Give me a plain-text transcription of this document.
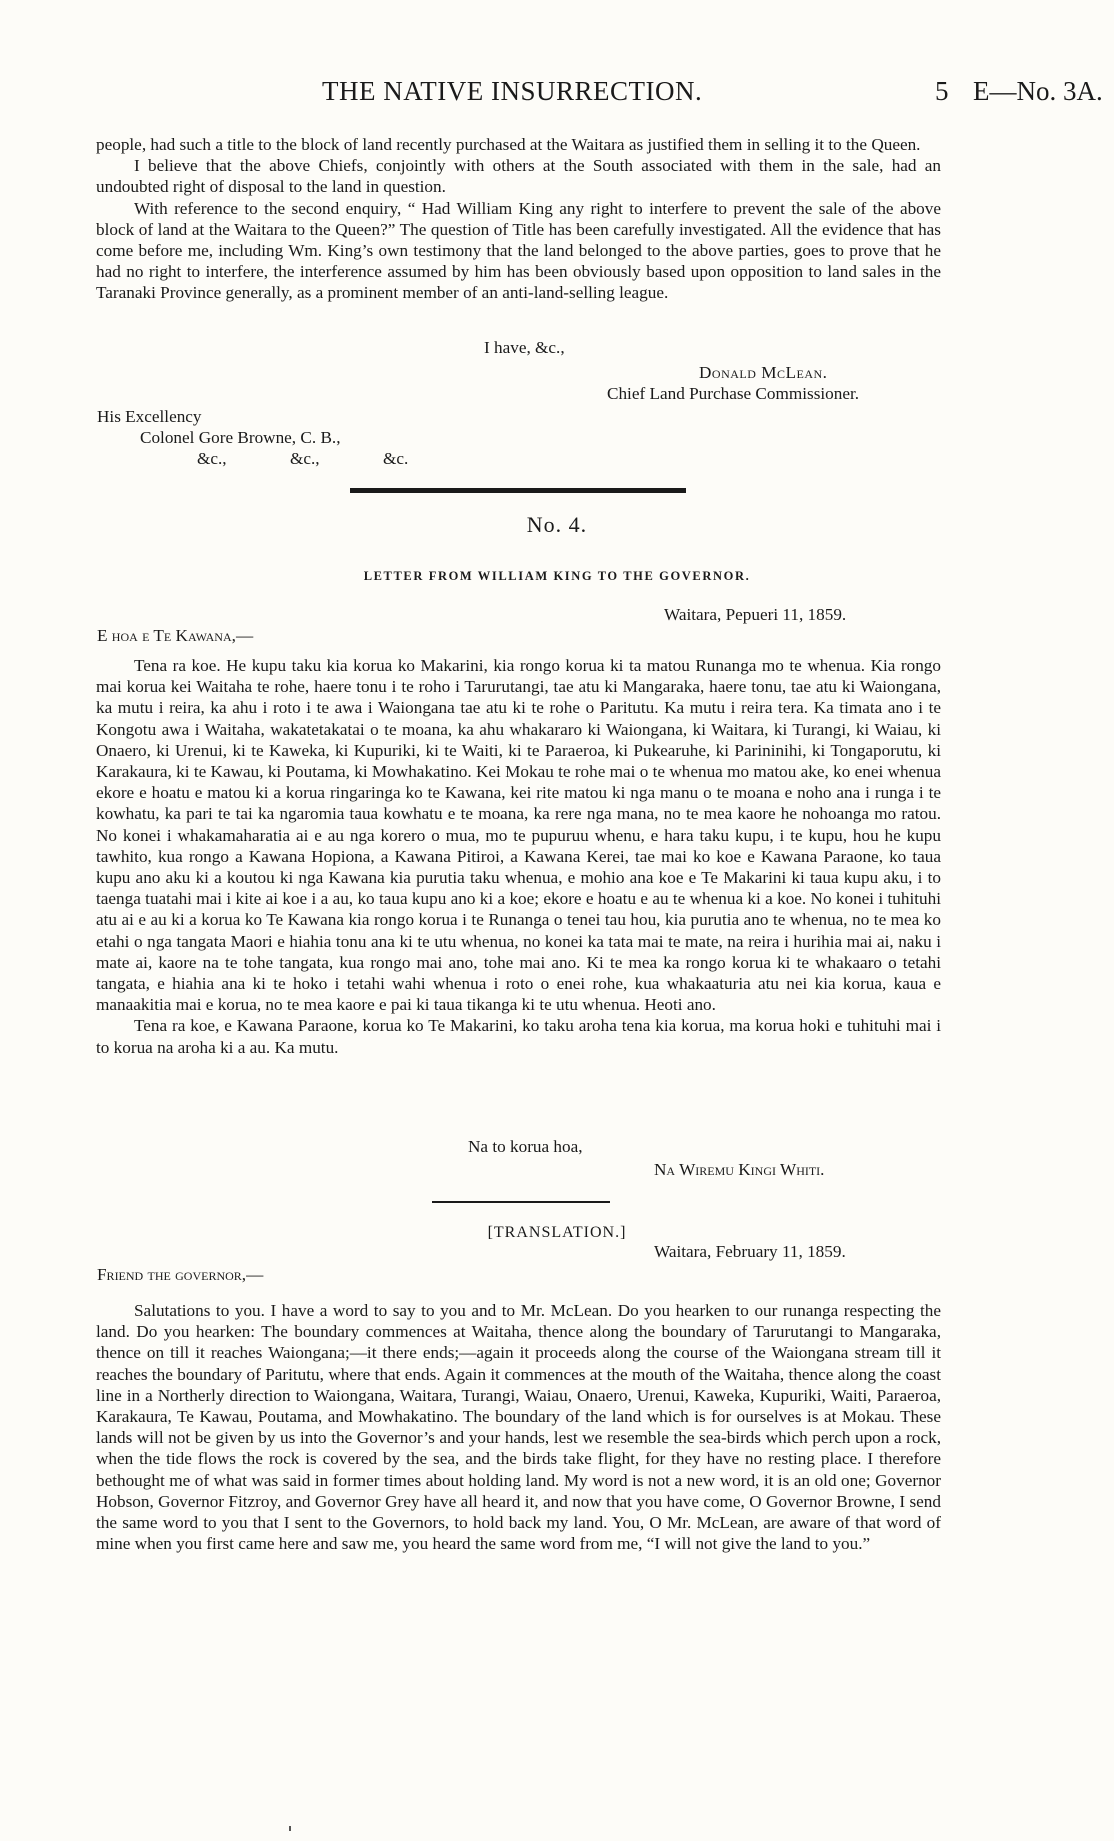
THE NATIVE INSURRECTION.	5 E—No. 3A.

people, had such a title to the block of land recently purchased at the Waitara as justified them in selling it to the Queen.

I believe that the above Chiefs, conjointly with others at the South associated with them in the sale, had an undoubted right of disposal to the land in question.

With reference to the second enquiry, “ Had William King any right to interfere to prevent the sale of the above block of land at the Waitara to the Queen?” The question of Title has been carefully investigated. All the evidence that has come before me, including Wm. King’s own testimony that the land belonged to the above parties, goes to prove that he had no right to interfere, the interference assumed by him has been obviously based upon opposition to land sales in the Taranaki Province generally, as a prominent member of an anti-land-selling league.

I have, &c.,
Donald McLean.
Chief Land Purchase Commissioner.
His Excellency
Colonel Gore Browne, C. B.,
&c.,	&c.,	&c.
No. 4.
LETTER FROM WILLIAM KING TO THE GOVERNOR.
Waitara, Pepueri 11, 1859.
E hoa e Te Kawana,—

Tena ra koe. He kupu taku kia korua ko Makarini, kia rongo korua ki ta matou Runanga mo te whenua. Kia rongo mai korua kei Waitaha te rohe, haere tonu i te roho i Tarurutangi, tae atu ki Mangaraka, haere tonu, tae atu ki Waiongana, ka mutu i reira, ka ahu i roto i te awa i Waiongana tae atu ki te rohe o Paritutu. Ka mutu i reira tera. Ka timata ano i te Kongotu awa i Waitaha, wakatetakatai o te moana, ka ahu whakararo ki Waiongana, ki Waitara, ki Turangi, ki Waiau, ki Onaero, ki Urenui, ki te Kaweka, ki Kupuriki, ki te Waiti, ki te Paraeroa, ki Pukearuhe, ki Parininihi, ki Tongaporutu, ki Karakaura, ki te Kawau, ki Poutama, ki Mowhakatino. Kei Mokau te rohe mai o te whenua mo matou ake, ko enei whenua ekore e hoatu e matou ki a korua ringaringa ko te Kawana, kei rite matou ki nga manu o te moana e noho ana i runga i te kowhatu, ka pari te tai ka ngaromia taua kowhatu e te moana, ka rere nga mana, no te mea kaore he nohoanga mo ratou. No konei i whakamaharatia ai e au nga korero o mua, mo te pupuruu whenu, e hara taku kupu, i te kupu, hou he kupu tawhito, kua rongo a Kawana Hopiona, a Kawana Pitiroi, a Kawana Kerei, tae mai ko koe e Kawana Paraone, ko taua kupu ano aku ki a koutou ki nga Kawana kia purutia taku whenua, e mohio ana koe e Te Makarini ki taua kupu aku, i to taenga tuatahi mai i kite ai koe i a au, ko taua kupu ano ki a koe; ekore e hoatu e au te whenua ki a koe. No konei i tuhituhi atu ai e au ki a korua ko Te Kawana kia rongo korua i te Runanga o tenei tau hou, kia purutia ano te whenua, no te mea ko etahi o nga tangata Maori e hiahia tonu ana ki te utu whenua, no konei ka tata mai te mate, na reira i hurihia mai ai, naku i mate ai, kaore na te tohe tangata, kua rongo mai ano, tohe mai ano. Ki te mea ka rongo korua ki te whakaaro o tetahi tangata, e hiahia ana ki te hoko i tetahi wahi whenua i roto o enei rohe, kua whakaaturia atu nei kia korua, kaua e manaakitia mai e korua, no te mea kaore e pai ki taua tikanga ki te utu whenua. Heoti ano.

Tena ra koe, e Kawana Paraone, korua ko Te Makarini, ko taku aroha tena kia korua, ma korua hoki e tuhituhi mai i to korua na aroha ki a au. Ka mutu.

Na to korua hoa,
Na Wiremu Kingi Whiti.
[TRANSLATION.]
Waitara, February 11, 1859.
Friend the governor,—

Salutations to you. I have a word to say to you and to Mr. McLean. Do you hearken to our runanga respecting the land. Do you hearken: The boundary commences at Waitaha, thence along the boundary of Tarurutangi to Mangaraka, thence on till it reaches Waiongana;—it there ends;—again it proceeds along the course of the Waiongana stream till it reaches the boundary of Paritutu, where that ends. Again it commences at the mouth of the Waitaha, thence along the coast line in a Northerly direction to Waiongana, Waitara, Turangi, Waiau, Onaero, Urenui, Kaweka, Kupuriki, Waiti, Paraeroa, Karakaura, Te Kawau, Poutama, and Mowhakatino. The boundary of the land which is for ourselves is at Mokau. These lands will not be given by us into the Governor’s and your hands, lest we resemble the sea-birds which perch upon a rock, when the tide flows the rock is covered by the sea, and the birds take flight, for they have no resting place. I therefore bethought me of what was said in former times about holding land. My word is not a new word, it is an old one; Governor Hobson, Governor Fitzroy, and Governor Grey have all heard it, and now that you have come, O Governor Browne, I send the same word to you that I sent to the Governors, to hold back my land. You, O Mr. McLean, are aware of that word of mine when you first came here and saw me, you heard the same word from me, “I will not give the land to you.”
